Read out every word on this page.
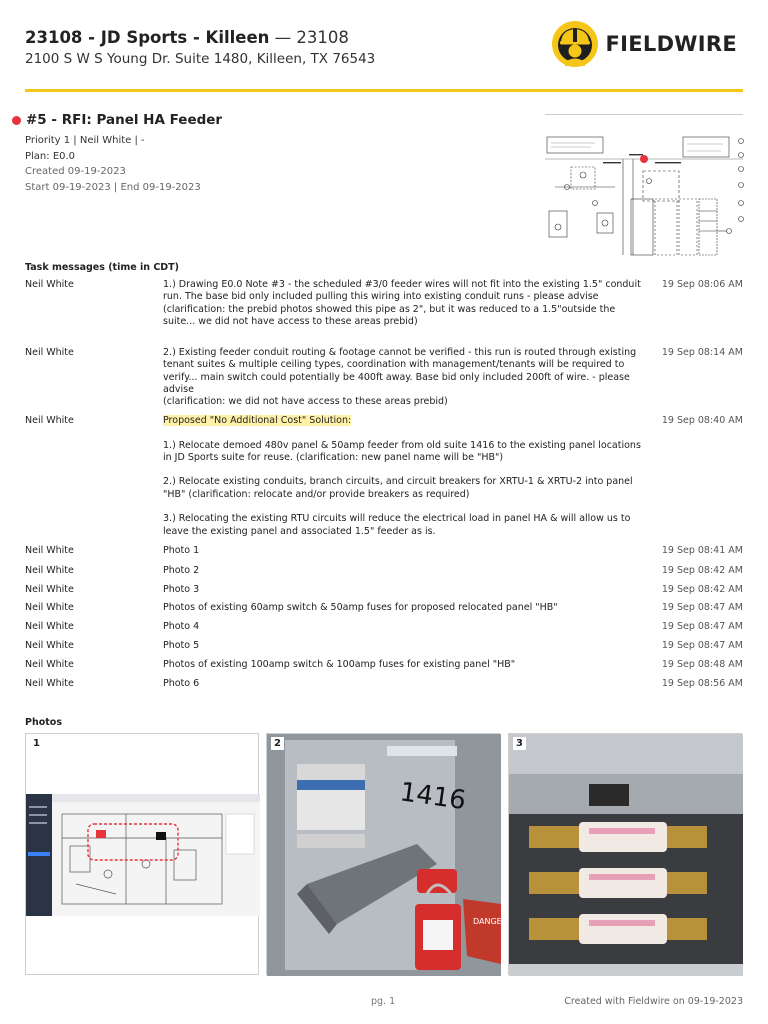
23108 - JD Sports - Killeen — 23108
2100 S W S Young Dr. Suite 1480, Killeen, TX 76543
FIELDWIRE
#5 - RFI: Panel HA Feeder
Priority 1 | Neil White | -
Plan: E0.0
Created 09-19-2023
Start 09-19-2023 | End 09-19-2023
Task messages (time in CDT)
Neil White	1.) Drawing E0.0 Note #3 - the scheduled #3/0 feeder wires will not fit into the existing 1.5" conduit run. The base bid only included pulling this wiring into existing conduit runs - please advise

(clarification: the prebid photos showed this pipe as 2", but it was reduced to a 1.5"outside the suite... we did not have access to these areas prebid)

19 Sep 08:06 AM
Neil White	2.) Existing feeder conduit routing & footage cannot be verified - this run is routed through existing tenant suites & multiple ceiling types, coordination with management/tenants will be required to verify... main switch could potentially be 400ft away. Base bid only included 200ft of wire. - please advise

(clarification: we did not have access to these areas prebid)

19 Sep 08:14 AM
Neil White	Proposed "No Additional Cost" Solution:

1.) Relocate demoed 480v panel & 50amp feeder from old suite 1416 to the existing panel locations in JD Sports suite for reuse. (clarification: new panel name will be "HB")

2.) Relocate existing conduits, branch circuits, and circuit breakers for XRTU-1 & XRTU-2 into panel "HB" (clarification: relocate and/or provide breakers as required)

3.) Relocating the existing RTU circuits will reduce the electrical load in panel HA & will allow us to leave the existing panel and associated 1.5" feeder as is.

19 Sep 08:40 AM
Neil White	Photo 1	19 Sep 08:41 AM
Neil White	Photo 2	19 Sep 08:42 AM
Neil White	Photo 3	19 Sep 08:42 AM
Neil White	Photos of existing 60amp switch & 50amp fuses for proposed relocated panel "HB"	19 Sep 08:47 AM
Neil White	Photo 4	19 Sep 08:47 AM
Neil White	Photo 5	19 Sep 08:47 AM
Neil White	Photos of existing 100amp switch & 100amp fuses for existing panel "HB"	19 Sep 08:48 AM
Neil White	Photo 6	19 Sep 08:56 AM
Photos
1	2
1416
DANGER
3
pg. 1	Created with Fieldwire on 09-19-2023
